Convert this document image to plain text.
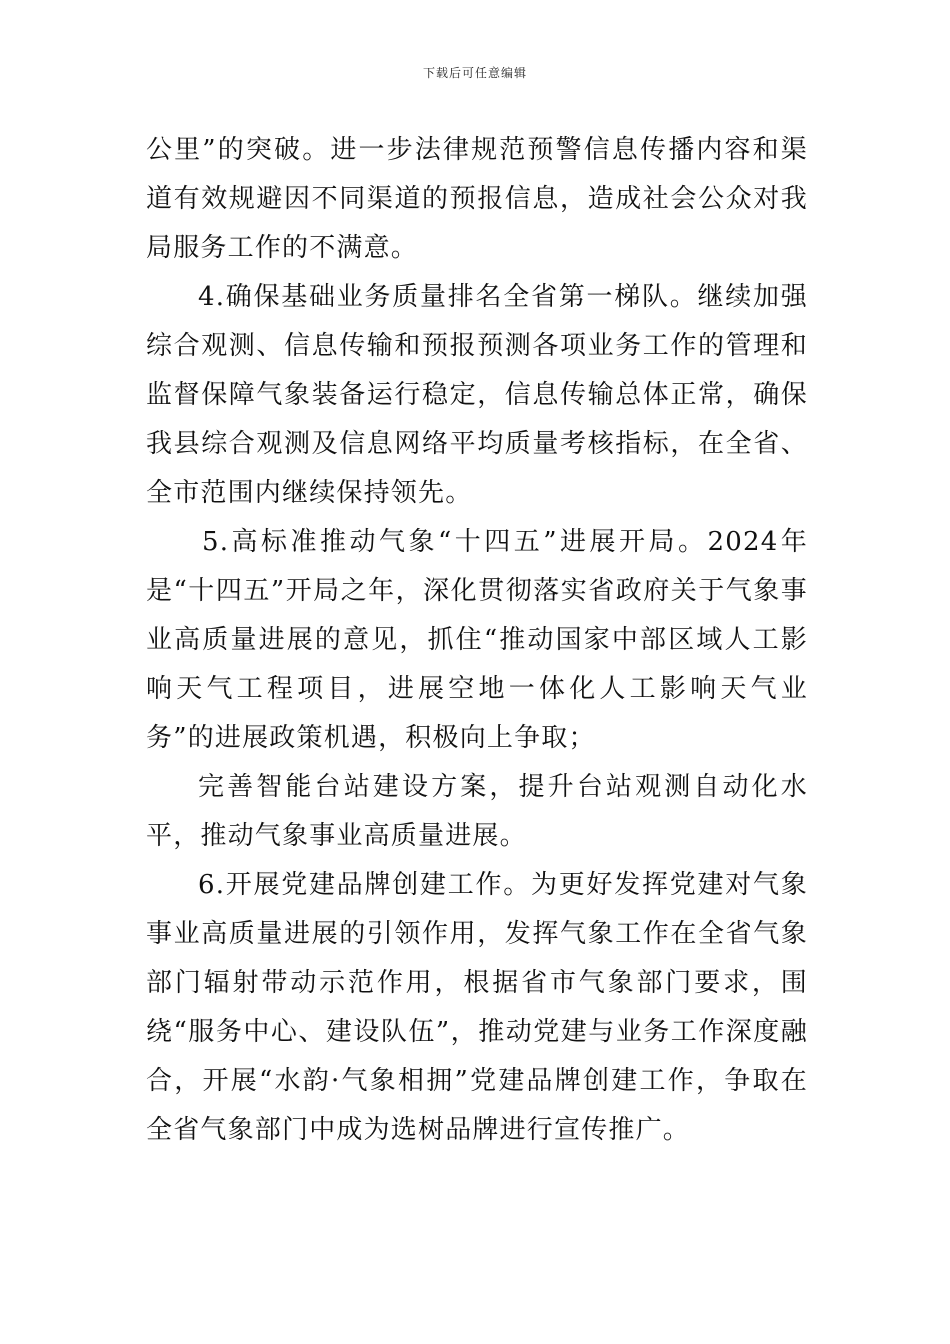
下载后可任意编辑

公里”的突破。进一步法律规范预警信息传播内容和渠道有效规避因不同渠道的预报信息，造成社会公众对我局服务工作的不满意。

4.确保基础业务质量排名全省第一梯队。继续加强综合观测、信息传输和预报预测各项业务工作的管理和监督保障气象装备运行稳定，信息传输总体正常，确保我县综合观测及信息网络平均质量考核指标，在全省、全市范围内继续保持领先。

5.高标准推动气象“十四五”进展开局。2024年是“十四五”开局之年，深化贯彻落实省政府关于气象事业高质量进展的意见，抓住“推动国家中部区域人工影响天气工程项目，进展空地一体化人工影响天气业务”的进展政策机遇，积极向上争取；

完善智能台站建设方案，提升台站观测自动化水平，推动气象事业高质量进展。

6.开展党建品牌创建工作。为更好发挥党建对气象事业高质量进展的引领作用，发挥气象工作在全省气象部门辐射带动示范作用，根据省市气象部门要求，围绕“服务中心、建设队伍”，推动党建与业务工作深度融合，开展“水韵·气象相拥”党建品牌创建工作，争取在全省气象部门中成为选树品牌进行宣传推广。
